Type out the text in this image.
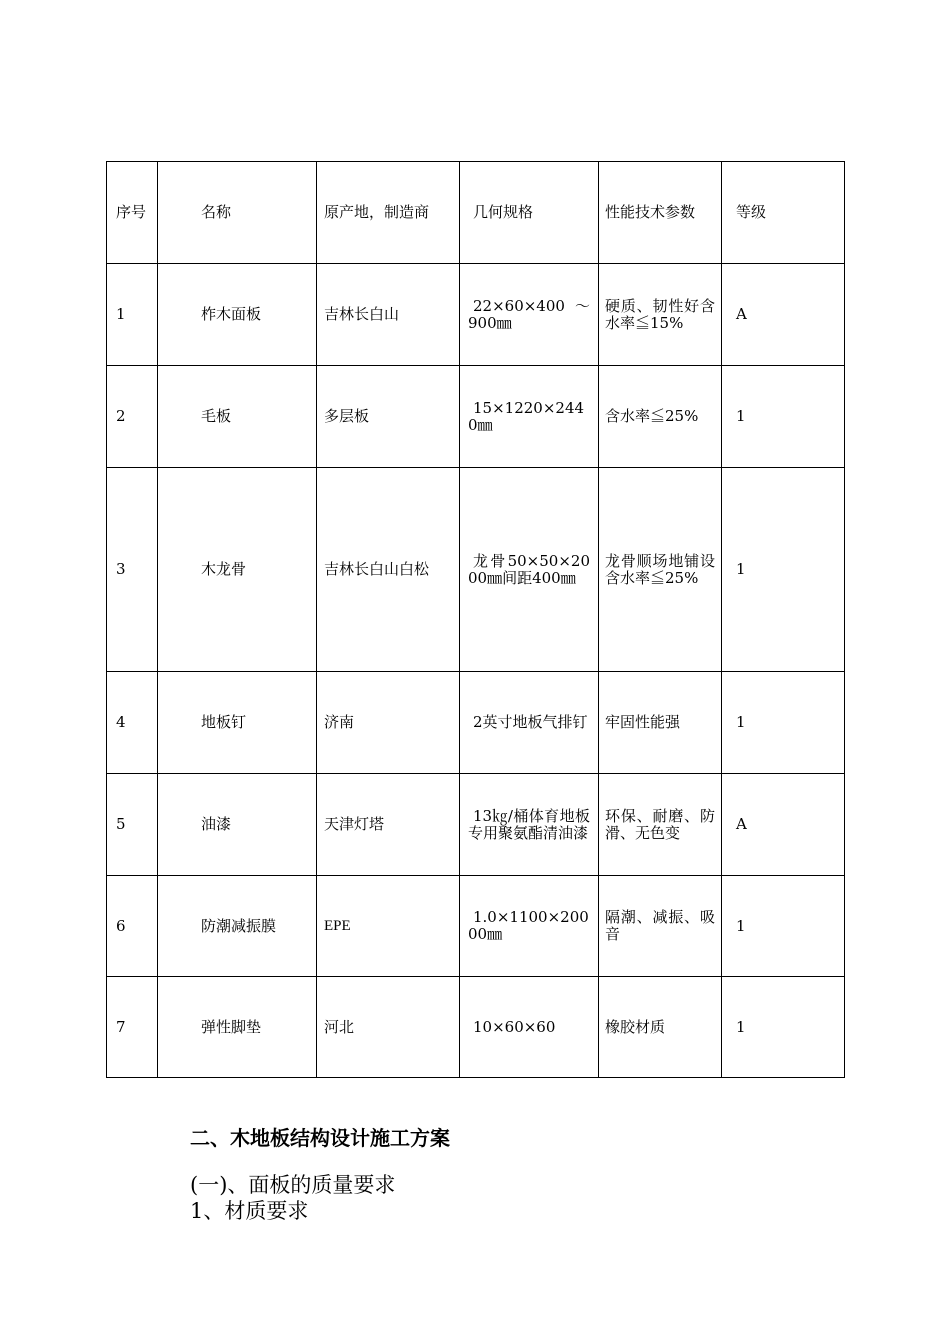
序号	名称	原产地，制造商	几何规格	性能技术参数	等级
1	柞木面板	吉林长白山	22×60×400 ～900㎜	硬质、韧性好含水率≦15%	A
2	毛板	多层板	15×1220×2440㎜	含水率≦25%	1
3	木龙骨	吉林长白山白松	龙骨50×50×2000㎜间距400㎜	龙骨顺场地铺设含水率≦25%	1
4	地板钉	济南	2英寸地板气排钉	牢固性能强	1
5	油漆	天津灯塔	13㎏/桶体育地板专用聚氨酯清油漆	环保、耐磨、防滑、无色变	A
6	防潮减振膜	EPE	1.0×1100×20000㎜	隔潮、减振、吸音	1
7	弹性脚垫	河北	10×60×60	橡胶材质	1
二、木地板结构设计施工方案
(一)、面板的质量要求
1、材质要求
